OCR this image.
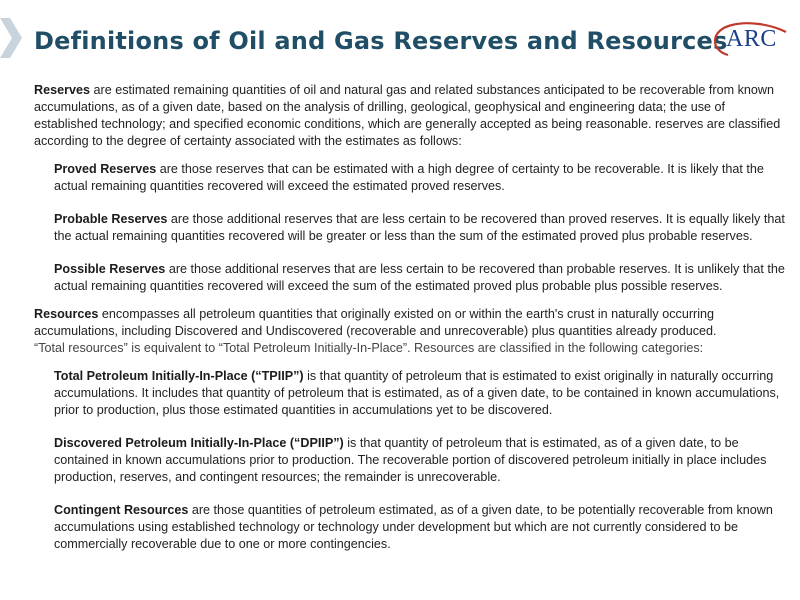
Definitions of Oil and Gas Reserves and Resources
ARC

Reserves are estimated remaining quantities of oil and natural gas and related substances anticipated to be recoverable from known accumulations, as of a given date, based on the analysis of drilling, geological, geophysical and engineering data; the use of established technology; and specified economic conditions, which are generally accepted as being reasonable. reserves are classified according to the degree of certainty associated with the estimates as follows:

Proved Reserves are those reserves that can be estimated with a high degree of certainty to be recoverable. It is likely that the actual remaining quantities recovered will exceed the estimated proved reserves.

Probable Reserves are those additional reserves that are less certain to be recovered than proved reserves. It is equally likely that the actual remaining quantities recovered will be greater or less than the sum of the estimated proved plus probable reserves.

Possible Reserves are those additional reserves that are less certain to be recovered than probable reserves. It is unlikely that the actual remaining quantities recovered will exceed the sum of the estimated proved plus probable plus possible reserves.

Resources encompasses all petroleum quantities that originally existed on or within the earth's crust in naturally occurring accumulations, including Discovered and Undiscovered (recoverable and unrecoverable) plus quantities already produced.
“Total resources” is equivalent to “Total Petroleum Initially-In-Place”. Resources are classified in the following categories:

Total Petroleum Initially-In-Place (“TPIIP”) is that quantity of petroleum that is estimated to exist originally in naturally occurring accumulations. It includes that quantity of petroleum that is estimated, as of a given date, to be contained in known accumulations, prior to production, plus those estimated quantities in accumulations yet to be discovered.

Discovered Petroleum Initially-In-Place (“DPIIP”) is that quantity of petroleum that is estimated, as of a given date, to be contained in known accumulations prior to production. The recoverable portion of discovered petroleum initially in place includes production, reserves, and contingent resources; the remainder is unrecoverable.

Contingent Resources are those quantities of petroleum estimated, as of a given date, to be potentially recoverable from known accumulations using established technology or technology under development but which are not currently considered to be commercially recoverable due to one or more contingencies.
